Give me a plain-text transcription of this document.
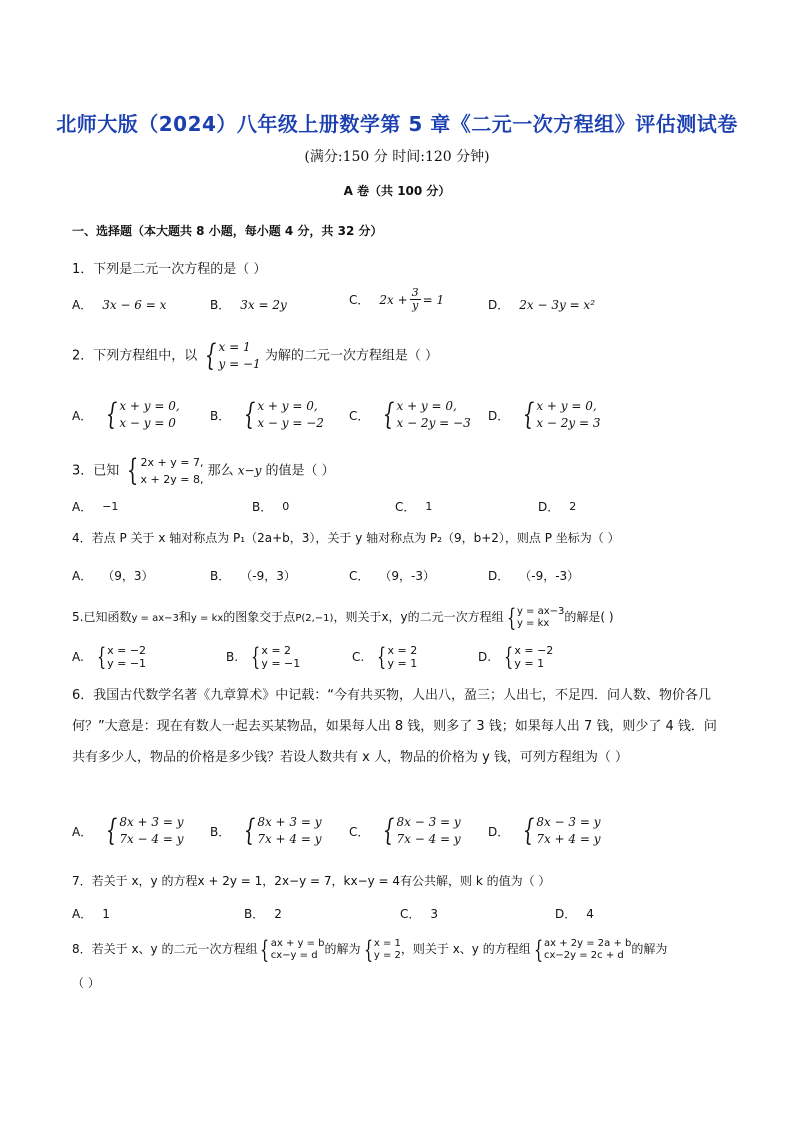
北师大版（2024）八年级上册数学第 5 章《二元一次方程组》评估测试卷
(满分:150 分 时间:120 分钟)
A 卷（共 100 分）
一、选择题（本大题共 8 小题，每小题 4 分，共 32 分）
1．下列是二元一次方程的是（ ）
A． 3x − 6 = x	B． 3x = 2y	C． $2x + \frac{3}{y} = 1$	D． 2x − 3y = x²
2．下列方程组中，以 { x = 1
y = −1
为解的二元一次方程组是（ ）
A． { x + y = 0,
x − y = 0
B． { x + y = 0,
x − y = −2
C． { x + y = 0,
x − 2y = −3
D． { x + y = 0,
x − 2y = 3
3．已知 { 2x + y = 7,
x + 2y = 8,
那么 x−y 的值是（ ）
A． −1	B． 0	C． 1	D． 2
4．若点 P 关于 x 轴对称点为 P₁（2a+b，3），关于 y 轴对称点为 P₂（9，b+2），则点 P 坐标为（ ）
A． （9，3）	B． （-9，3）	C． （9，-3）	D． （-9，-3）
5.已知函数y = ax−3和y = kx的图象交于点P(2,−1)，则关于x，y的二元一次方程组 { y = ax−3
y = kx	的解是( )
A. { x = −2
y = −1	B. { x = 2
y = −1	C. { x = 2
y = 1	D. { x = −2
y = 1
6．我国古代数学名著《九章算术》中记载：“今有共买物，人出八，盈三；人出七，不足四．问人数、物价各几何？”大意是：现在有数人一起去买某物品，如果每人出 8 钱，则多了 3 钱；如果每人出 7 钱，则少了 4 钱．问共有多少人，物品的价格是多少钱？若设人数共有 x 人，物品的价格为 y 钱，可列方程组为（ ）
A． { 8x + 3 = y
7x − 4 = y
B． { 8x + 3 = y
7x + 4 = y
C． { 8x − 3 = y
7x − 4 = y
D． { 8x − 3 = y
7x + 4 = y
7．若关于 x，y 的方程x + 2y = 1，2x−y = 7，kx−y = 4有公共解，则 k 的值为（ ）
A． 1	B． 2	C． 3	D． 4
8．若关于 x、y 的二元一次方程组 { ax + y = b
cx−y = d 的解为 { x = 1
y = 2 ，则关于 x、y 的方程组 { ax + 2y = 2a + b
cx−2y = 2c + d 的解为
（ ）
